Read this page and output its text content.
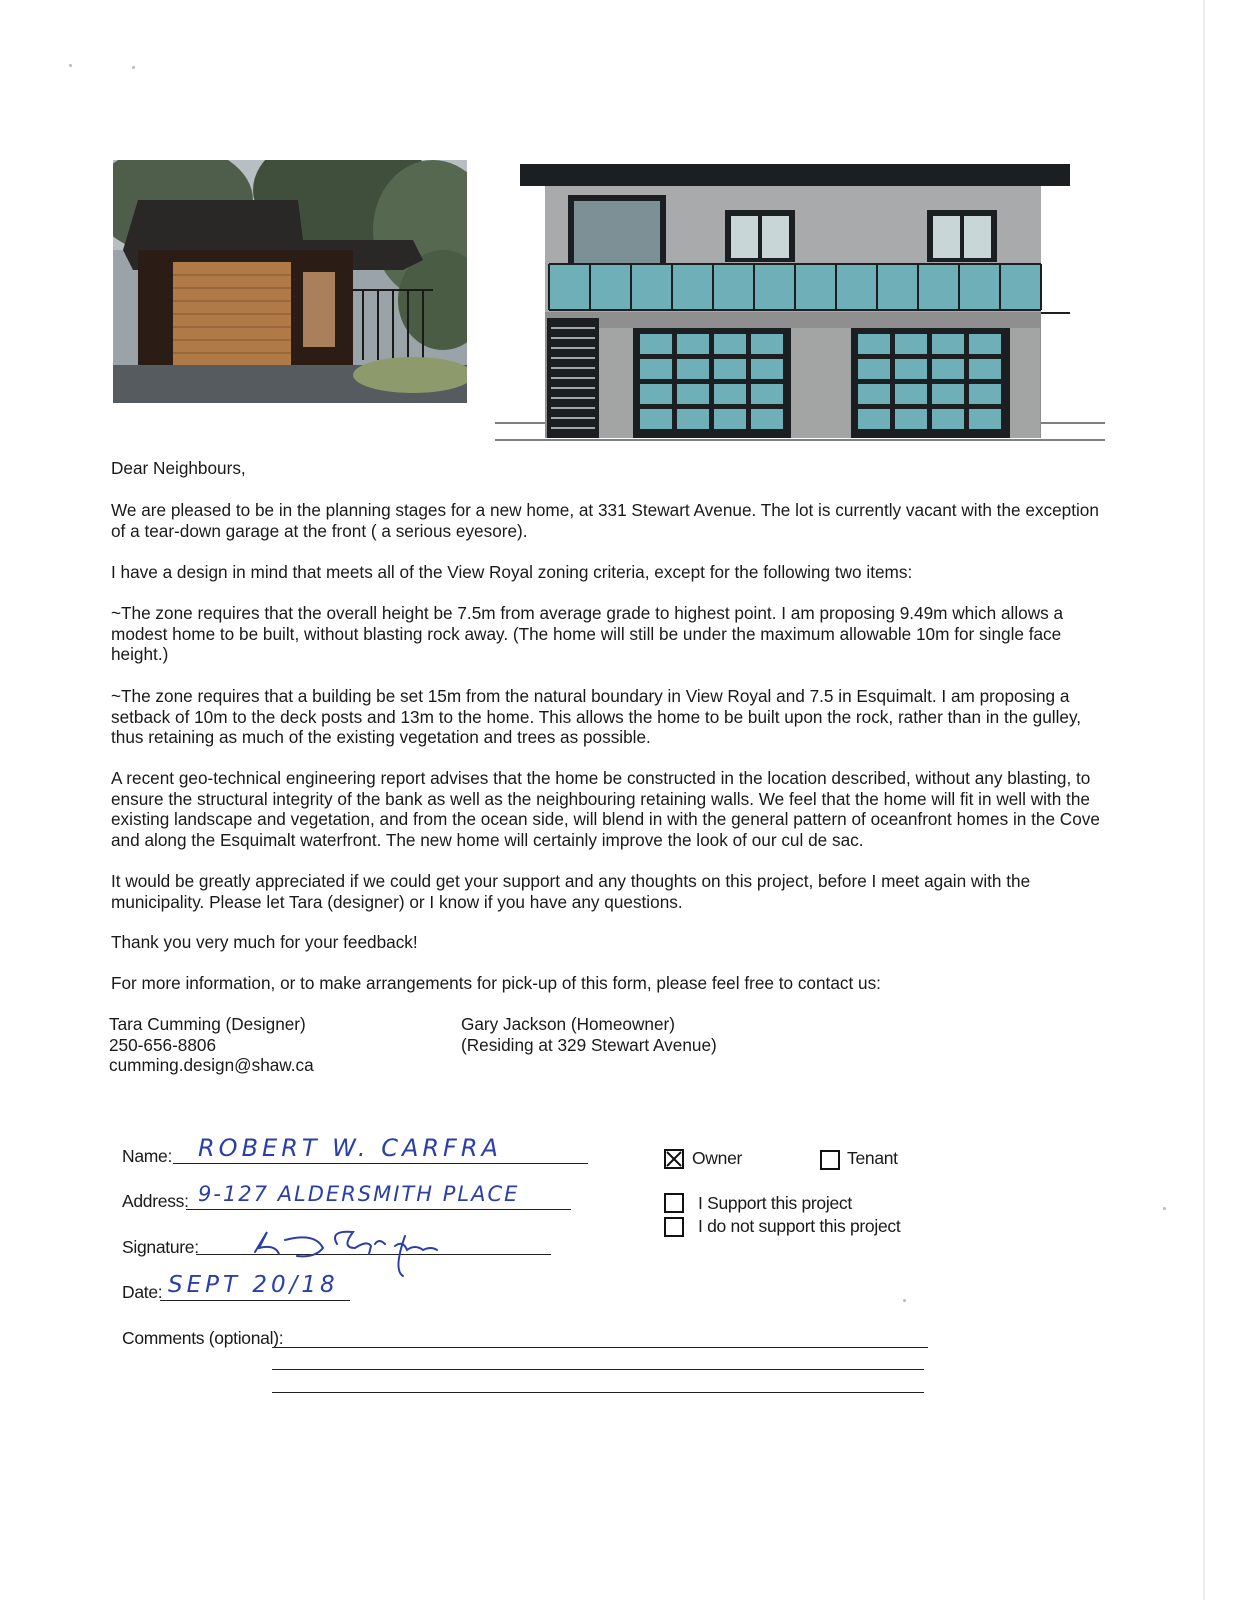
Dear Neighbours,
We are pleased to be in the planning stages for a new home, at 331 Stewart Avenue. The lot is currently vacant with the exception of a tear-down garage at the front ( a serious eyesore).
I have a design in mind that meets all of the View Royal zoning criteria, except for the following two items:
~The zone requires that the overall height be 7.5m from average grade to highest point. I am proposing 9.49m which allows a modest home to be built, without blasting rock away. (The home will still be under the maximum allowable 10m for single face height.)
~The zone requires that a building be set 15m from the natural boundary in View Royal and 7.5 in Esquimalt. I am proposing a setback of 10m to the deck posts and 13m to the home. This allows the home to be built upon the rock, rather than in the gulley, thus retaining as much of the existing vegetation and trees as possible.
A recent geo-technical engineering report advises that the home be constructed in the location described, without any blasting, to ensure the structural integrity of the bank as well as the neighbouring retaining walls. We feel that the home will fit in well with the existing landscape and vegetation, and from the ocean side, will blend in with the general pattern of oceanfront homes in the Cove and along the Esquimalt waterfront. The new home will certainly improve the look of our cul de sac.
It would be greatly appreciated if we could get your support and any thoughts on this project, before I meet again with the municipality. Please let Tara (designer) or I know if you have any questions.
Thank you very much for your feedback!
For more information, or to make arrangements for pick-up of this form, please feel free to contact us:
Tara Cumming (Designer)
250-656-8806
cumming.design@shaw.ca
Gary Jackson (Homeowner)
(Residing at 329 Stewart Avenue)
Name: ROBERT W. CARFRA
Address: 9-127 ALDERSMITH PLACE
Signature:
Date: SEPT 20/18
Comments (optional):
Owner	Tenant
I Support this project
I do not support this project
